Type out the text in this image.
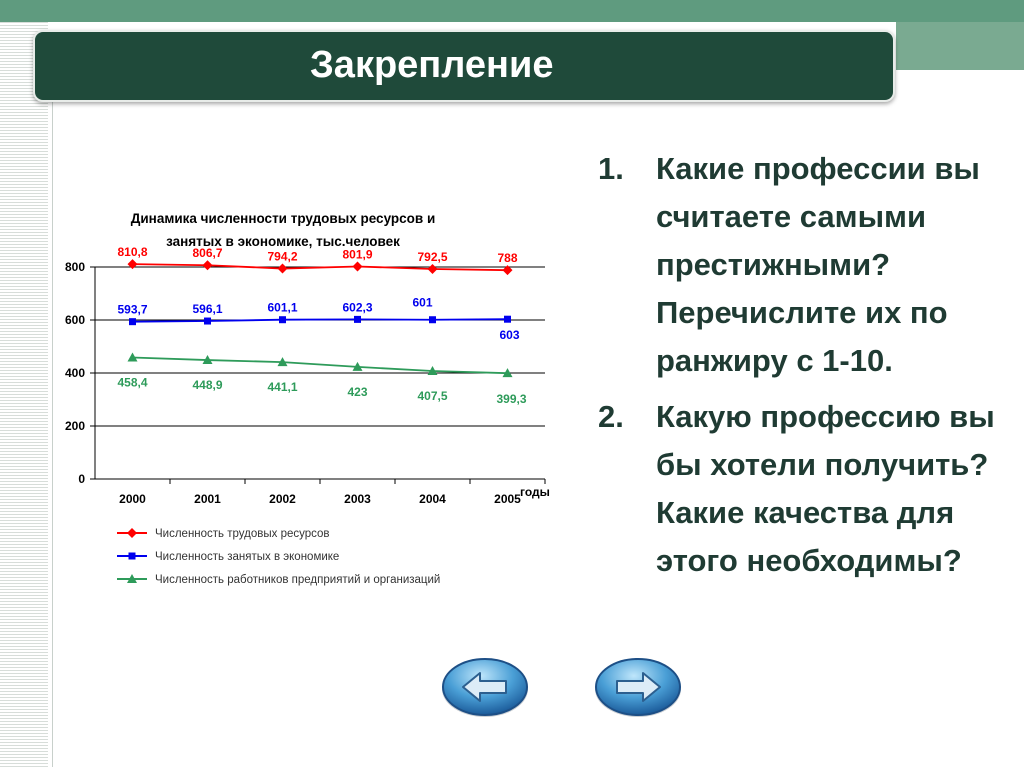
Закрепление
1.	Какие профессии вы считаете самыми престижными? Перечислите их по ранжиру с 1-10.
2.	Какую профессию вы бы хотели получить? Какие качества для этого необходимы?
Динамика численности трудовых ресурсов и
занятых в экономике, тыс.человек
0
200
400
600
800
2000	2001	2002	2003	2004	2005
810,8	806,7	794,2	801,9	792,5	788
593,7	596,1	601,1	602,3	601
603
458,4	448,9	441,1	423	407,5	399,3
годы
Численность трудовых ресурсов
Численность занятых в экономике
Численность работников предприятий и организаций
